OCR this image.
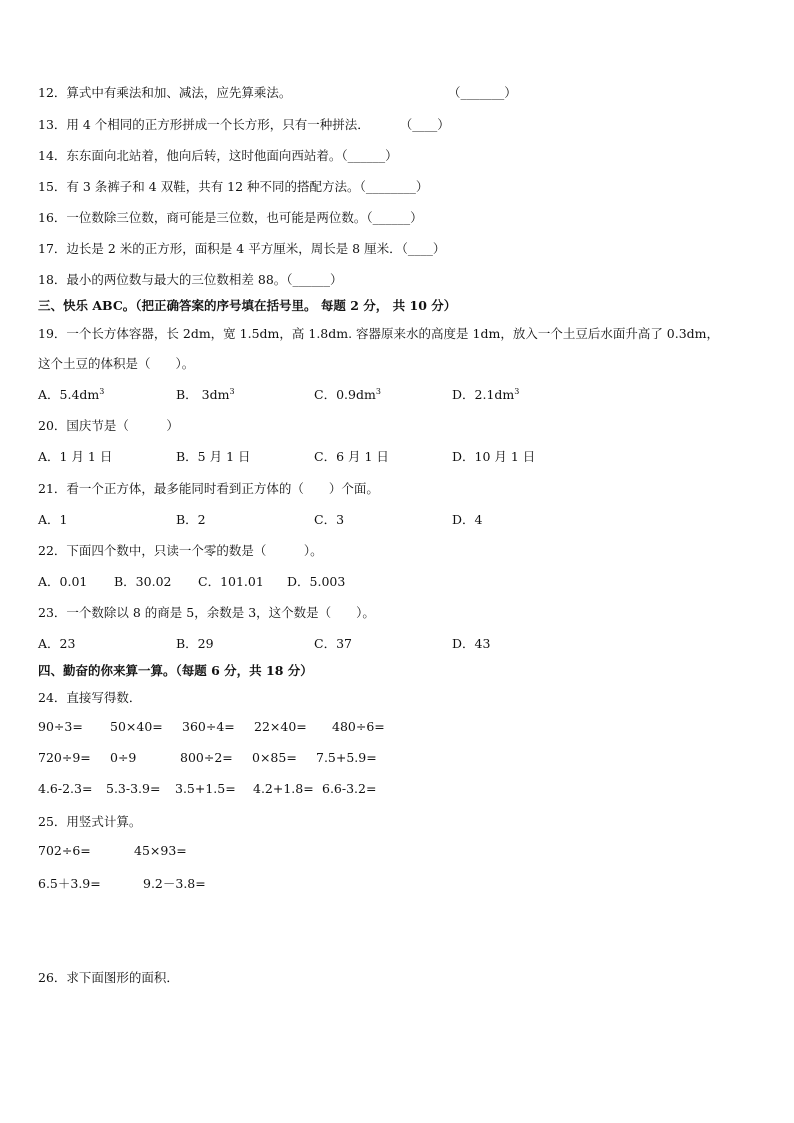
12．算式中有乘法和加、减法，应先算乘法。	（_______）
13．用 4 个相同的正方形拼成一个长方形，只有一种拼法． （____）
14．东东面向北站着，他向后转，这时他面向西站着。（______）
15．有 3 条裤子和 4 双鞋，共有 12 种不同的搭配方法。（________）
16．一位数除三位数，商可能是三位数，也可能是两位数。（______）
17．边长是 2 米的正方形，面积是 4 平方厘米，周长是 8 厘米．（____）
18．最小的两位数与最大的三位数相差 88。（______）
三、快乐 ABC。（把正确答案的序号填在括号里。 每题 2 分， 共 10 分）
19．一个长方体容器，长 2dm，宽 1.5dm，高 1.8dm. 容器原来水的高度是 1dm，放入一个土豆后水面升高了 0.3dm，
这个土豆的体积是（　　）。
A．$5.4dm^3$	B． $3dm^3$	C．$0.9dm^3$	D．$2.1dm^3$
20．国庆节是（　　　）
A．1 月 1 日	B．5 月 1 日	C．6 月 1 日	D．10 月 1 日
21．看一个正方体，最多能同时看到正方体的（　　）个面。
A．1	B．2	C．3	D．4
22．下面四个数中，只读一个零的数是（　　　）。
A．0.01 B．30.02 C．101.01 D．5.003
23．一个数除以 8 的商是 5，余数是 3，这个数是（　　）。
A．23	B．29	C．37	D．43
四、勤奋的你来算一算。（每题 6 分，共 18 分）
24．直接写得数．
90÷3= 50×40= 360÷4= 22×40= 480÷6=
720÷9= 0÷9	800÷2= 0×85= 7.5+5.9=
4.6-2.3= 5.3-3.9= 3.5+1.5= 4.2+1.8= 6.6-3.2=
25．用竖式计算。
702÷6=	45×93=
6.5＋3.9=	9.2－3.8=
26．求下面图形的面积．
